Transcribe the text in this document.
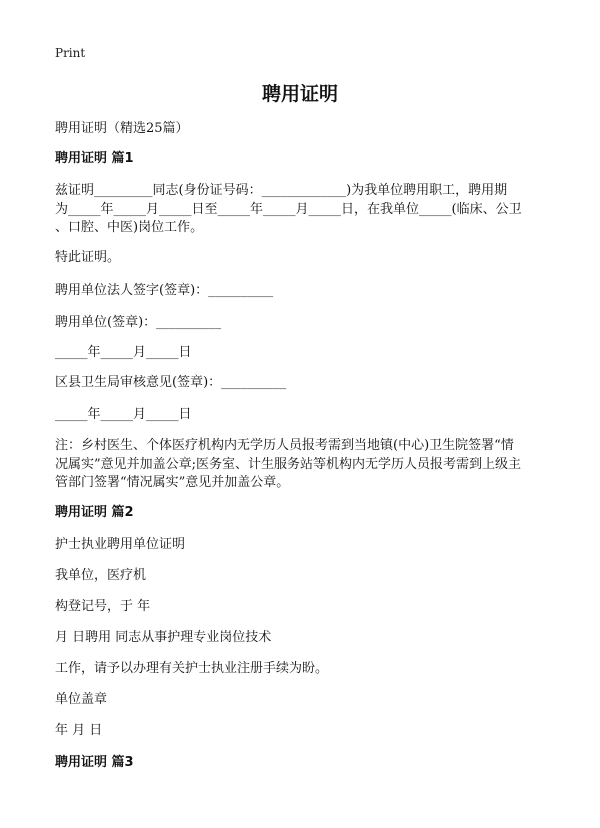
Print
聘用证明
聘用证明（精选25篇）
聘用证明 篇1
兹证明_________同志(身份证号码：_____________)为我单位聘用职工，聘用期
为_____年_____月_____日至_____年_____月_____日，在我单位_____(临床、公卫
、口腔、中医)岗位工作。
特此证明。
聘用单位法人签字(签章)：__________
聘用单位(签章)：__________
_____年_____月_____日
区县卫生局审核意见(签章)：__________
_____年_____月_____日
注：乡村医生、个体医疗机构内无学历人员报考需到当地镇(中心)卫生院签署“情
况属实”意见并加盖公章;医务室、计生服务站等机构内无学历人员报考需到上级主
管部门签署“情况属实”意见并加盖公章。
聘用证明 篇2
护士执业聘用单位证明
我单位，医疗机
构登记号，于 年
月 日聘用 同志从事护理专业岗位技术
工作，请予以办理有关护士执业注册手续为盼。
单位盖章
年 月 日
聘用证明 篇3
